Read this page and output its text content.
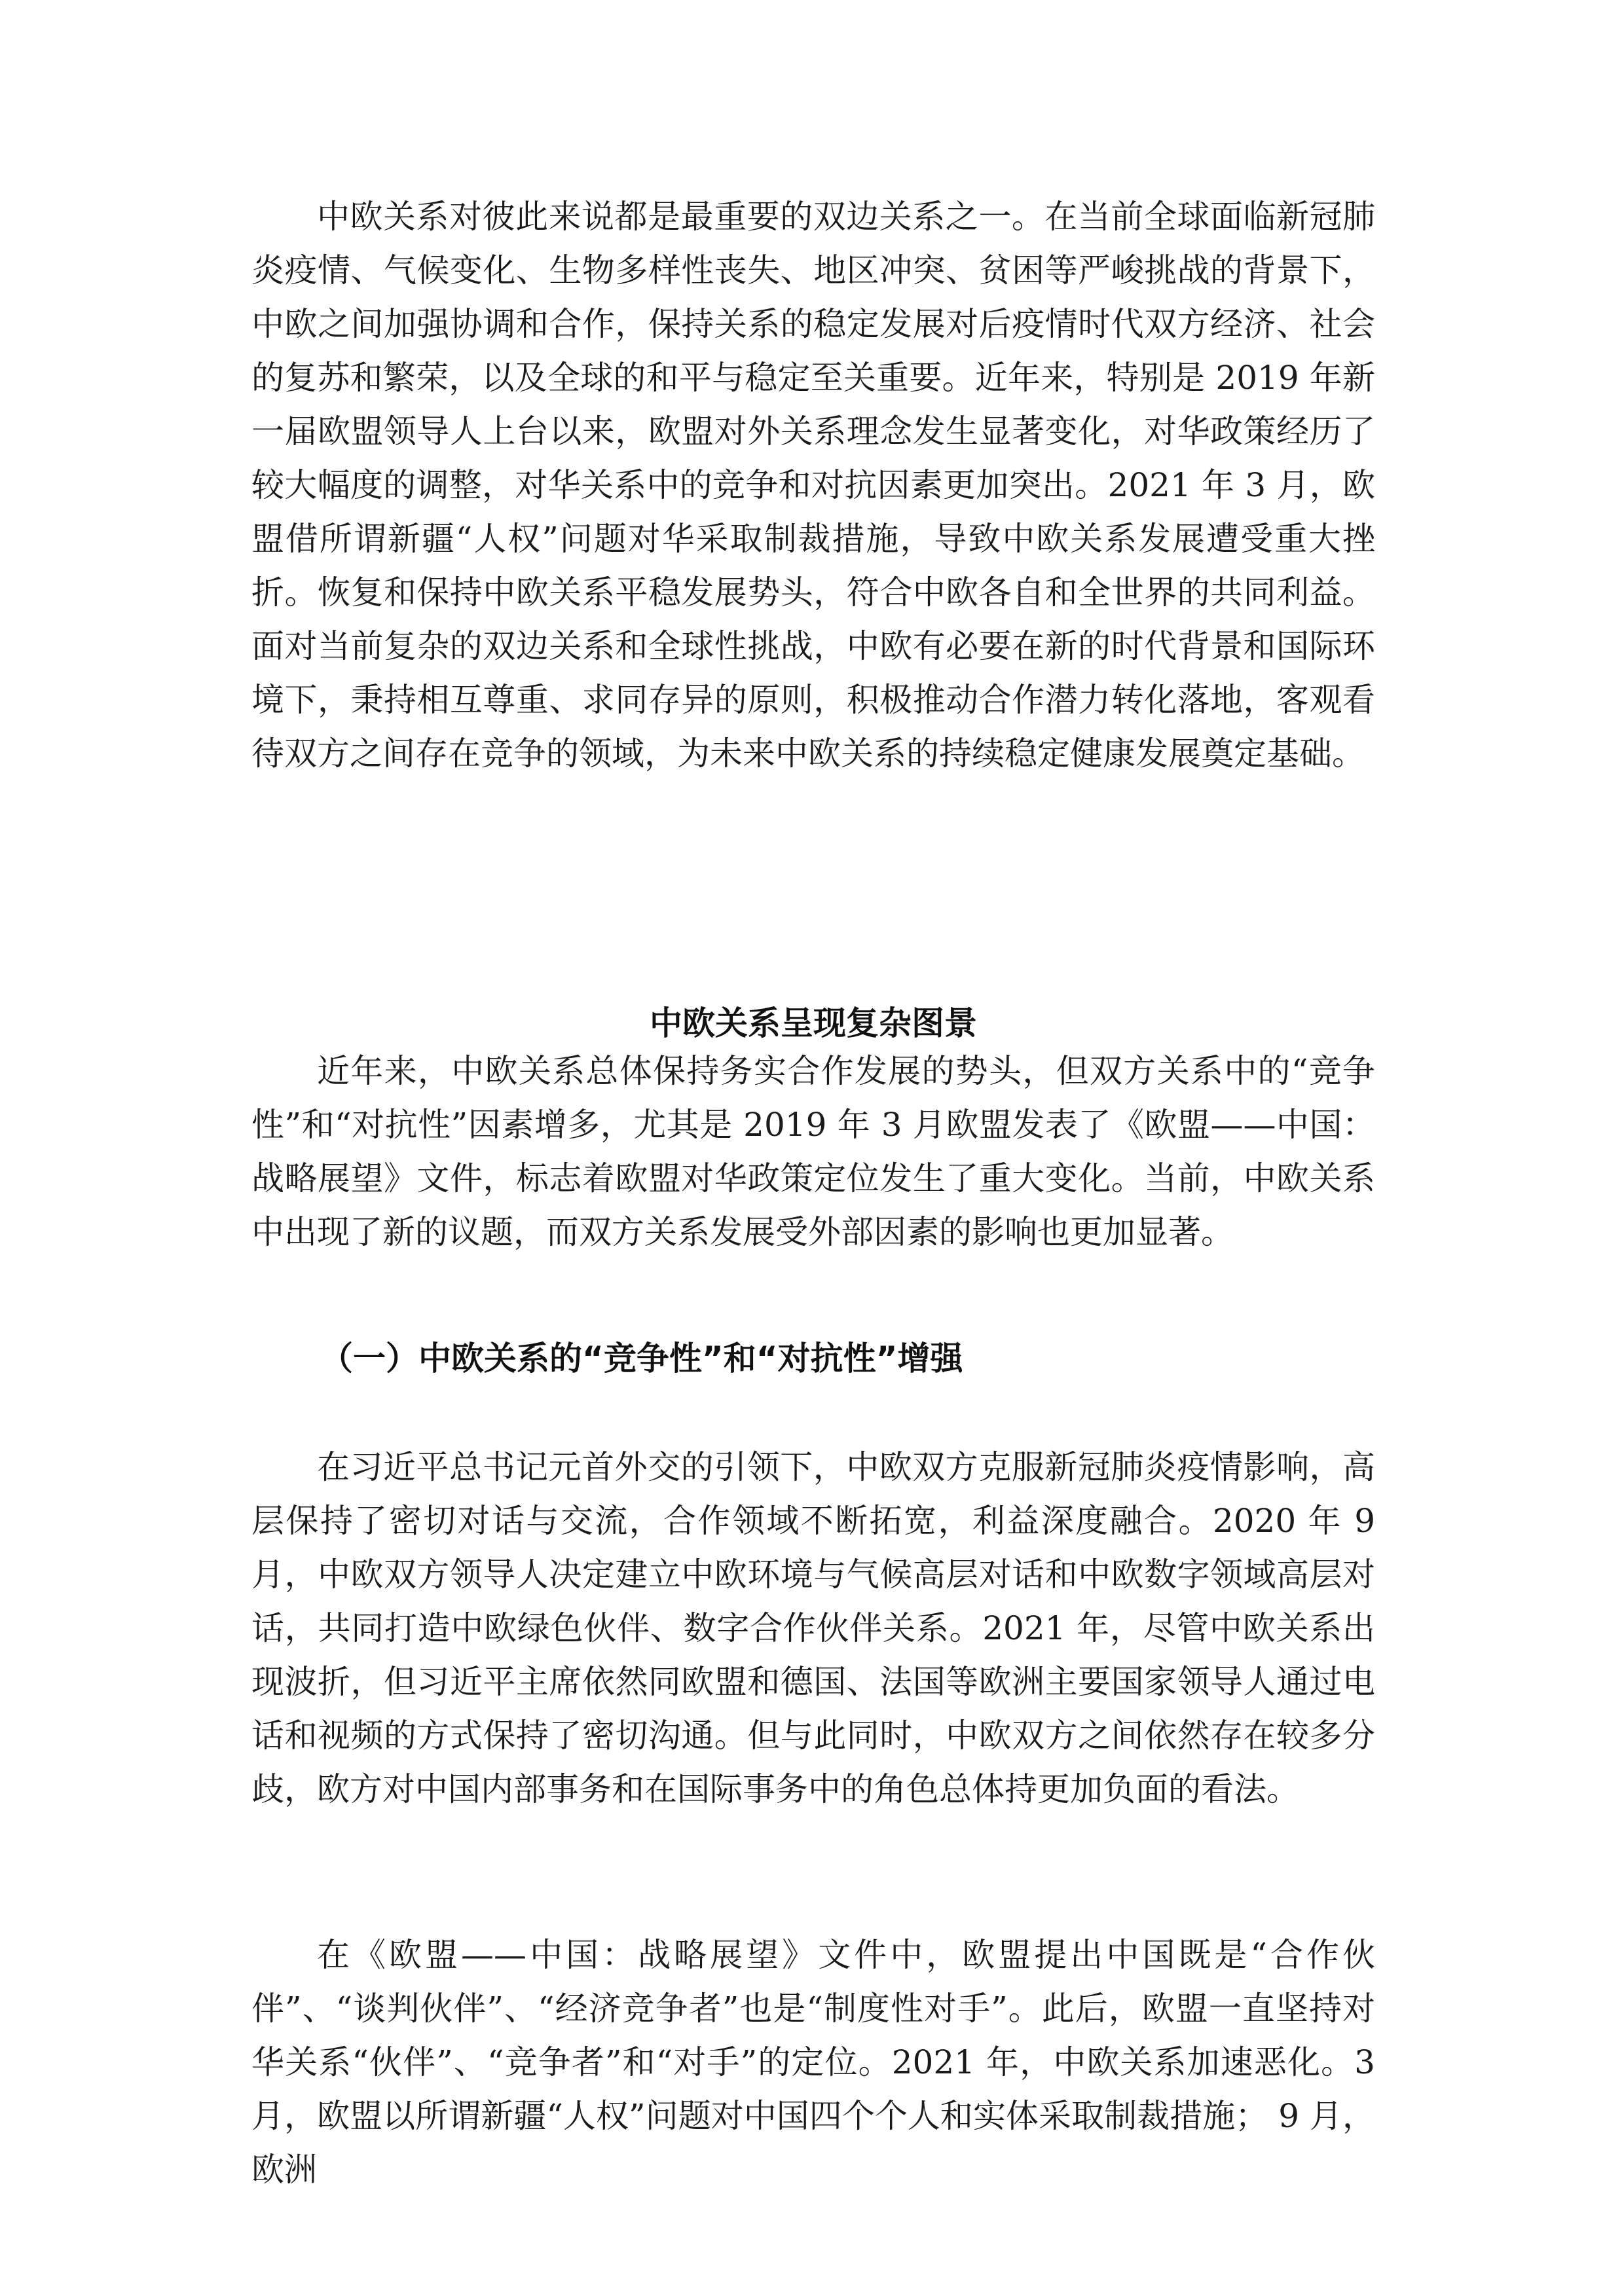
中欧关系对彼此来说都是最重要的双边关系之一。在当前全球面临新冠肺炎疫情、气候变化、生物多样性丧失、地区冲突、贫困等严峻挑战的背景下，中欧之间加强协调和合作，保持关系的稳定发展对后疫情时代双方经济、社会的复苏和繁荣，以及全球的和平与稳定至关重要。近年来，特别是 2019 年新一届欧盟领导人上台以来，欧盟对外关系理念发生显著变化，对华政策经历了较大幅度的调整，对华关系中的竞争和对抗因素更加突出。2021 年 3 月，欧盟借所谓新疆“人权”问题对华采取制裁措施，导致中欧关系发展遭受重大挫折。恢复和保持中欧关系平稳发展势头，符合中欧各自和全世界的共同利益。面对当前复杂的双边关系和全球性挑战，中欧有必要在新的时代背景和国际环境下，秉持相互尊重、求同存异的原则，积极推动合作潜力转化落地，客观看待双方之间存在竞争的领域，为未来中欧关系的持续稳定健康发展奠定基础。

中欧关系呈现复杂图景

近年来，中欧关系总体保持务实合作发展的势头，但双方关系中的“竞争性”和“对抗性”因素增多，尤其是 2019 年 3 月欧盟发表了《欧盟——中国：战略展望》文件，标志着欧盟对华政策定位发生了重大变化。当前，中欧关系中出现了新的议题，而双方关系发展受外部因素的影响也更加显著。

（一）中欧关系的“竞争性”和“对抗性”增强

在习近平总书记元首外交的引领下，中欧双方克服新冠肺炎疫情影响，高层保持了密切对话与交流，合作领域不断拓宽，利益深度融合。2020 年 9 月，中欧双方领导人决定建立中欧环境与气候高层对话和中欧数字领域高层对话，共同打造中欧绿色伙伴、数字合作伙伴关系。2021 年，尽管中欧关系出现波折，但习近平主席依然同欧盟和德国、法国等欧洲主要国家领导人通过电话和视频的方式保持了密切沟通。但与此同时，中欧双方之间依然存在较多分歧，欧方对中国内部事务和在国际事务中的角色总体持更加负面的看法。

在《欧盟——中国：战略展望》文件中，欧盟提出中国既是“合作伙伴”、“谈判伙伴”、“经济竞争者”也是“制度性对手”。此后，欧盟一直坚持对华关系“伙伴”、“竞争者”和“对手”的定位。2021 年，中欧关系加速恶化。3 月，欧盟以所谓新疆“人权”问题对中国四个个人和实体采取制裁措施； 9 月，欧洲
